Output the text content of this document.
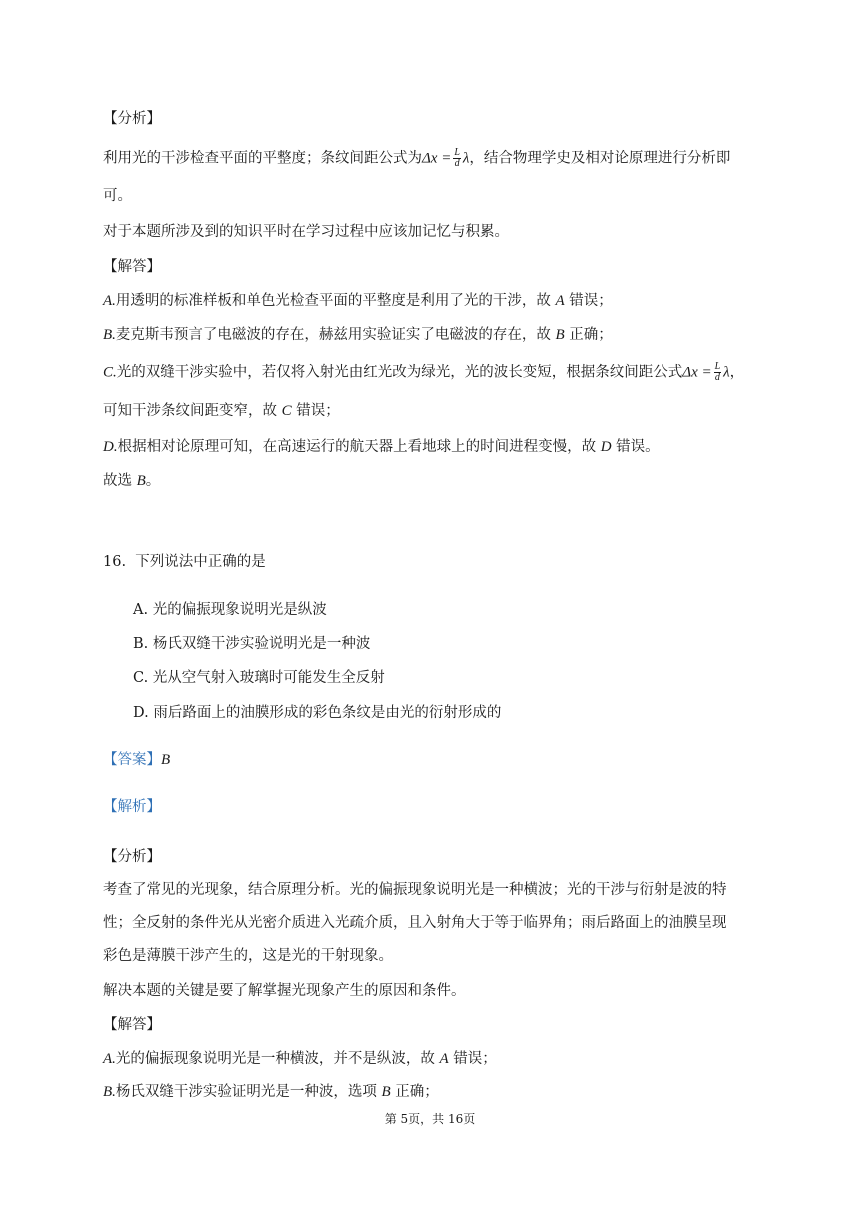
【分析】
利用光的干涉检查平面的平整度；条纹间距公式为$\Delta x = \frac{L}{d}$ λ，结合物理学史及相对论原理进行分析即
可。
对于本题所涉及到的知识平时在学习过程中应该加记忆与积累。
【解答】
A.用透明的标准样板和单色光检查平面的平整度是利用了光的干涉，故 A 错误；
B.麦克斯韦预言了电磁波的存在，赫兹用实验证实了电磁波的存在，故 B 正确；
C.光的双缝干涉实验中，若仅将入射光由红光改为绿光，光的波长变短，根据条纹间距公式$\Delta x = \frac{L}{d}$ λ，
可知干涉条纹间距变窄，故 C 错误；
D.根据相对论原理可知，在高速运行的航天器上看地球上的时间进程变慢，故 D 错误。
故选 B。
16. 下列说法中正确的是
A. 光的偏振现象说明光是纵波
B. 杨氏双缝干涉实验说明光是一种波
C. 光从空气射入玻璃时可能发生全反射
D. 雨后路面上的油膜形成的彩色条纹是由光的衍射形成的
【答案】B
【解析】
【分析】
考查了常见的光现象，结合原理分析。光的偏振现象说明光是一种横波；光的干涉与衍射是波的特
性；全反射的条件光从光密介质进入光疏介质，且入射角大于等于临界角；雨后路面上的油膜呈现
彩色是薄膜干涉产生的，这是光的干射现象。
解决本题的关键是要了解掌握光现象产生的原因和条件。
【解答】
A.光的偏振现象说明光是一种横波，并不是纵波，故 A 错误；
B.杨氏双缝干涉实验证明光是一种波，选项 B 正确；
第 5页，共 16页
